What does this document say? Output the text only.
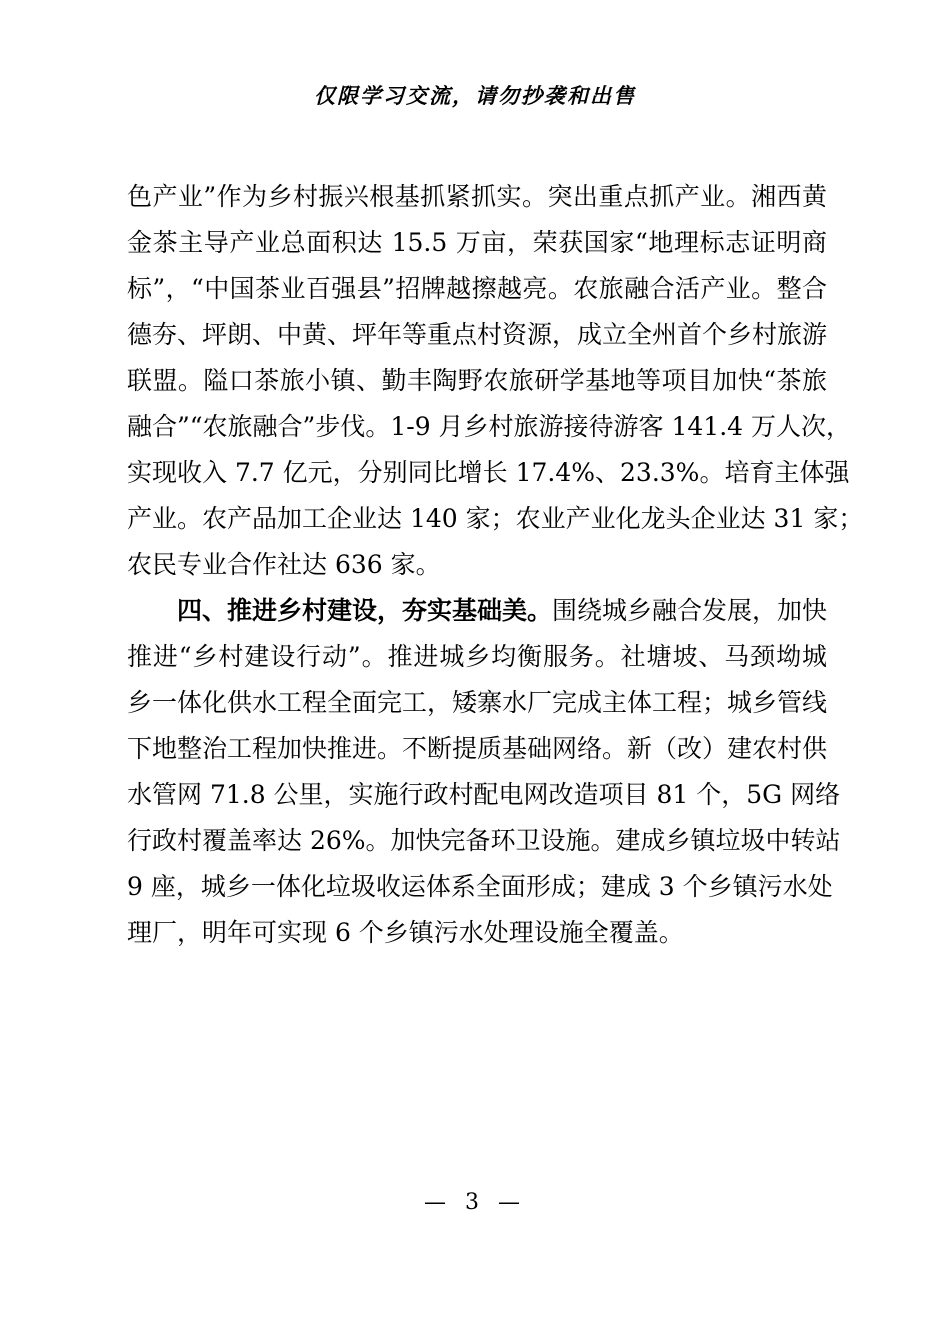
仅限学习交流，请勿抄袭和出售
色产业”作为乡村振兴根基抓紧抓实。突出重点抓产业。湘西黄
金茶主导产业总面积达 15.5 万亩，荣获国家“地理标志证明商
标”，“中国茶业百强县”招牌越擦越亮。农旅融合活产业。整合
德夯、坪朗、中黄、坪年等重点村资源，成立全州首个乡村旅游
联盟。隘口茶旅小镇、勤丰陶野农旅研学基地等项目加快“茶旅
融合”“农旅融合”步伐。1-9 月乡村旅游接待游客 141.4 万人次，
实现收入 7.7 亿元，分别同比增长 17.4%、23.3%。培育主体强
产业。农产品加工企业达 140 家；农业产业化龙头企业达 31 家；
农民专业合作社达 636 家。
四、推进乡村建设，夯实基础美。围绕城乡融合发展，加快
推进“乡村建设行动”。推进城乡均衡服务。社塘坡、马颈坳城
乡一体化供水工程全面完工，矮寨水厂完成主体工程；城乡管线
下地整治工程加快推进。不断提质基础网络。新（改）建农村供
水管网 71.8 公里，实施行政村配电网改造项目 81 个，5G 网络
行政村覆盖率达 26%。加快完备环卫设施。建成乡镇垃圾中转站
9 座，城乡一体化垃圾收运体系全面形成；建成 3 个乡镇污水处
理厂，明年可实现 6 个乡镇污水处理设施全覆盖。
— 3 —
